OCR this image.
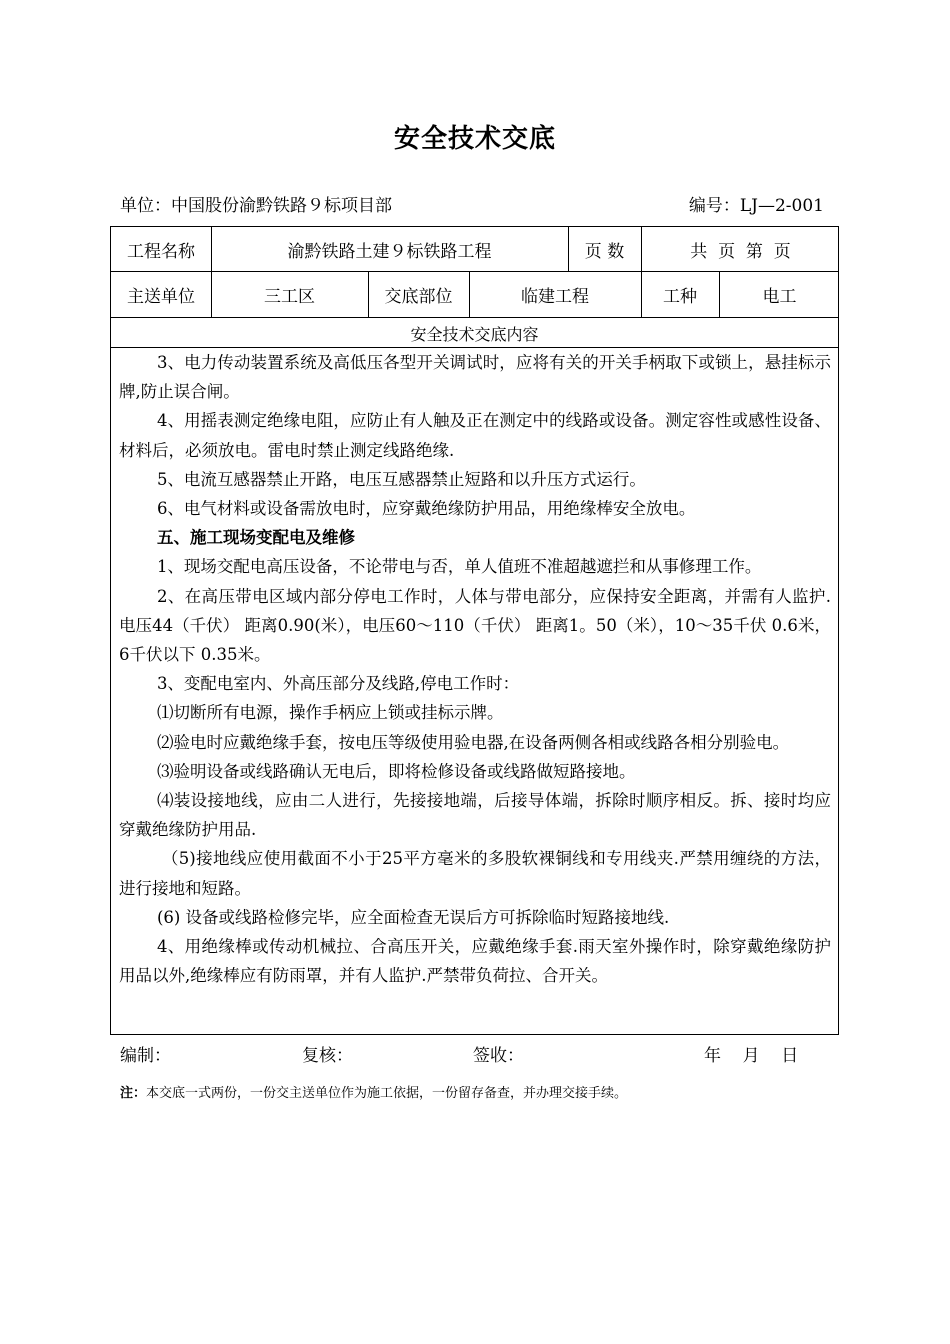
安全技术交底
单位：中国股份渝黔铁路９标项目部	编号：LJ—2-001
工程名称	渝黔铁路土建９标铁路工程	页 数	共  页  第  页
主送单位	三工区	交底部位	临建工程	工种	电工
安全技术交底内容

3、电力传动装置系统及高低压各型开关调试时，应将有关的开关手柄取下或锁上，悬挂标示牌,防止误合闸。

4、用摇表测定绝缘电阻，应防止有人触及正在测定中的线路或设备。测定容性或感性设备、材料后，必须放电。雷电时禁止测定线路绝缘.

5、电流互感器禁止开路，电压互感器禁止短路和以升压方式运行。

6、电气材料或设备需放电时，应穿戴绝缘防护用品，用绝缘棒安全放电。

五、施工现场变配电及维修

1、现场交配电高压设备，不论带电与否，单人值班不准超越遮拦和从事修理工作。

2、在高压带电区域内部分停电工作时，人体与带电部分，应保持安全距离，并需有人监护. 电压44（千伏） 距离0.90(米），电压60～110（千伏） 距离1。50（米），10～35千伏 0.6米，6千伏以下 0.35米。

3、变配电室内、外高压部分及线路,停电工作时：

⑴切断所有电源，操作手柄应上锁或挂标示牌。

⑵验电时应戴绝缘手套，按电压等级使用验电器,在设备两侧各相或线路各相分别验电。

⑶验明设备或线路确认无电后，即将检修设备或线路做短路接地。

⑷装设接地线，应由二人进行，先接接地端，后接导体端，拆除时顺序相反。拆、接时均应穿戴绝缘防护用品.

（5)接地线应使用截面不小于25平方毫米的多股软裸铜线和专用线夹.严禁用缠绕的方法，进行接地和短路。

(6) 设备或线路检修完毕，应全面检查无误后方可拆除临时短路接地线.

4、用绝缘棒或传动机械拉、合高压开关，应戴绝缘手套.雨天室外操作时，除穿戴绝缘防护用品以外,绝缘棒应有防雨罩，并有人监护.严禁带负荷拉、合开关。

编制：	复核：	签收：	年    月    日
注：本交底一式两份，一份交主送单位作为施工依据，一份留存备查，并办理交接手续。
